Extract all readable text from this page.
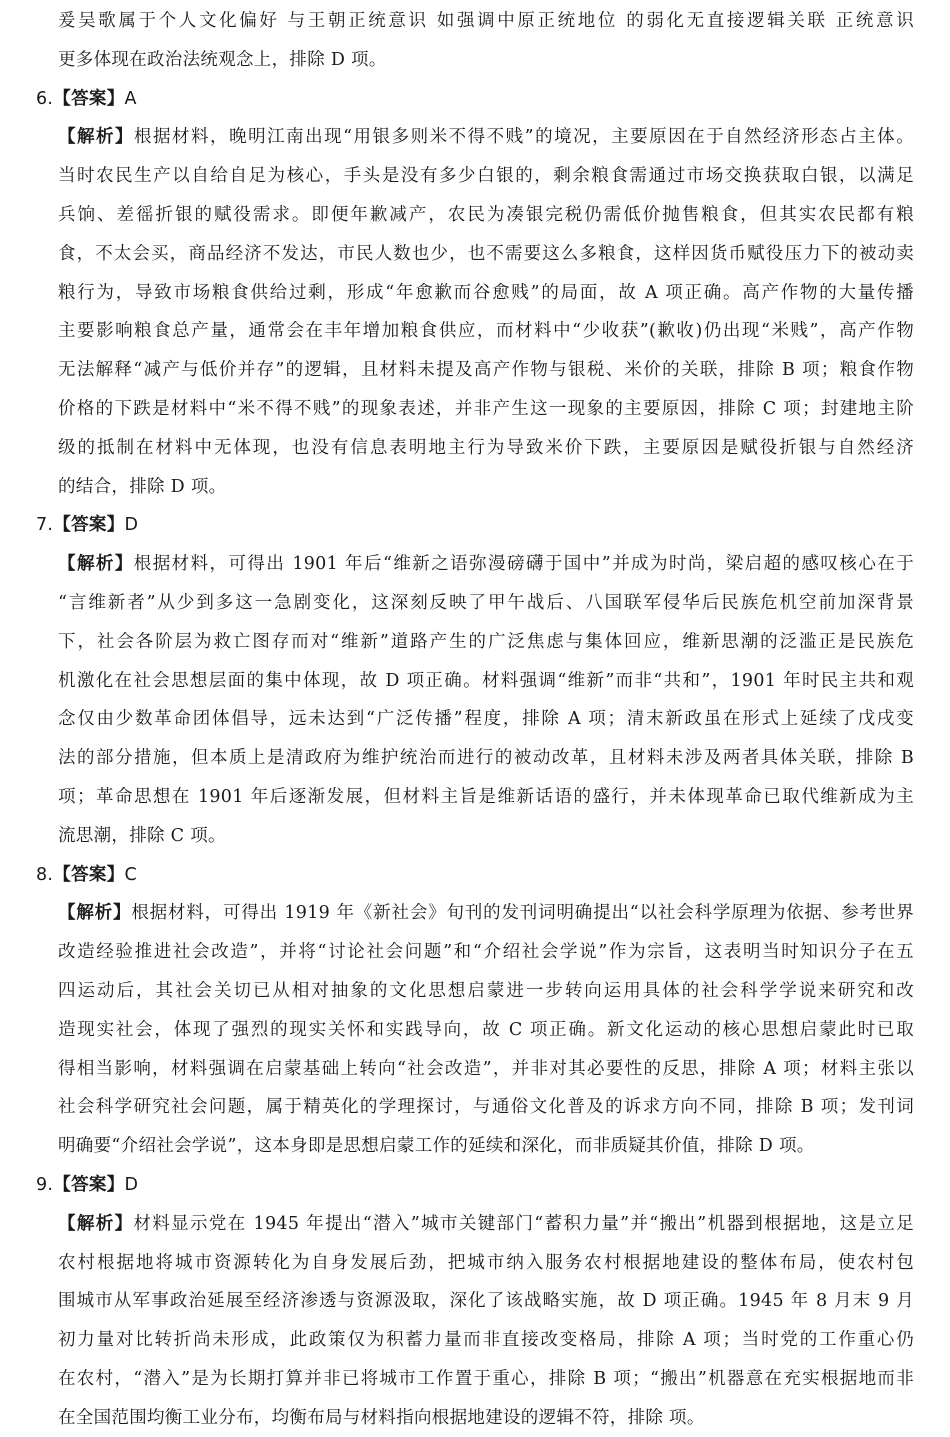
爰吴歌属于个人文化偏好 与王朝正统意识 如强调中原正统地位 的弱化无直接逻辑关联 正统意识
更多体现在政治法统观念上，排除 D 项。
6.【答案】A
【解析】根据材料，晚明江南出现“用银多则米不得不贱”的境况，主要原因在于自然经济形态占主体。
当时农民生产以自给自足为核心，手头是没有多少白银的，剩余粮食需通过市场交换获取白银，以满足
兵饷、差徭折银的赋役需求。即便年歉减产，农民为凑银完税仍需低价抛售粮食，但其实农民都有粮
食，不太会买，商品经济不发达，市民人数也少，也不需要这么多粮食，这样因货币赋役压力下的被动卖
粮行为，导致市场粮食供给过剩，形成“年愈歉而谷愈贱”的局面，故 A 项正确。高产作物的大量传播
主要影响粮食总产量，通常会在丰年增加粮食供应，而材料中“少收获”(歉收)仍出现“米贱”，高产作物
无法解释“减产与低价并存”的逻辑，且材料未提及高产作物与银税、米价的关联，排除 B 项；粮食作物
价格的下跌是材料中“米不得不贱”的现象表述，并非产生这一现象的主要原因，排除 C 项；封建地主阶
级的抵制在材料中无体现，也没有信息表明地主行为导致米价下跌，主要原因是赋役折银与自然经济
的结合，排除 D 项。
7.【答案】D
【解析】根据材料，可得出 1901 年后“维新之语弥漫磅礴于国中”并成为时尚，梁启超的感叹核心在于
“言维新者”从少到多这一急剧变化，这深刻反映了甲午战后、八国联军侵华后民族危机空前加深背景
下，社会各阶层为救亡图存而对“维新”道路产生的广泛焦虑与集体回应，维新思潮的泛滥正是民族危
机激化在社会思想层面的集中体现，故 D 项正确。材料强调“维新”而非“共和”，1901 年时民主共和观
念仅由少数革命团体倡导，远未达到“广泛传播”程度，排除 A 项；清末新政虽在形式上延续了戊戌变
法的部分措施，但本质上是清政府为维护统治而进行的被动改革，且材料未涉及两者具体关联，排除 B
项；革命思想在 1901 年后逐渐发展，但材料主旨是维新话语的盛行，并未体现革命已取代维新成为主
流思潮，排除 C 项。
8.【答案】C
【解析】根据材料，可得出 1919 年《新社会》旬刊的发刊词明确提出“以社会科学原理为依据、参考世界
改造经验推进社会改造”，并将“讨论社会问题”和“介绍社会学说”作为宗旨，这表明当时知识分子在五
四运动后，其社会关切已从相对抽象的文化思想启蒙进一步转向运用具体的社会科学学说来研究和改
造现实社会，体现了强烈的现实关怀和实践导向，故 C 项正确。新文化运动的核心思想启蒙此时已取
得相当影响，材料强调在启蒙基础上转向“社会改造”，并非对其必要性的反思，排除 A 项；材料主张以
社会科学研究社会问题，属于精英化的学理探讨，与通俗文化普及的诉求方向不同，排除 B 项；发刊词
明确要“介绍社会学说”，这本身即是思想启蒙工作的延续和深化，而非质疑其价值，排除 D 项。
9.【答案】D
【解析】材料显示党在 1945 年提出“潜入”城市关键部门“蓄积力量”并“搬出”机器到根据地，这是立足
农村根据地将城市资源转化为自身发展后劲，把城市纳入服务农村根据地建设的整体布局，使农村包
围城市从军事政治延展至经济渗透与资源汲取，深化了该战略实施，故 D 项正确。1945 年 8 月末 9 月
初力量对比转折尚未形成，此政策仅为积蓄力量而非直接改变格局，排除 A 项；当时党的工作重心仍
在农村，“潜入”是为长期打算并非已将城市工作置于重心，排除 B 项；“搬出”机器意在充实根据地而非
在全国范围均衡工业分布，均衡布局与材料指向根据地建设的逻辑不符，排除 项。
